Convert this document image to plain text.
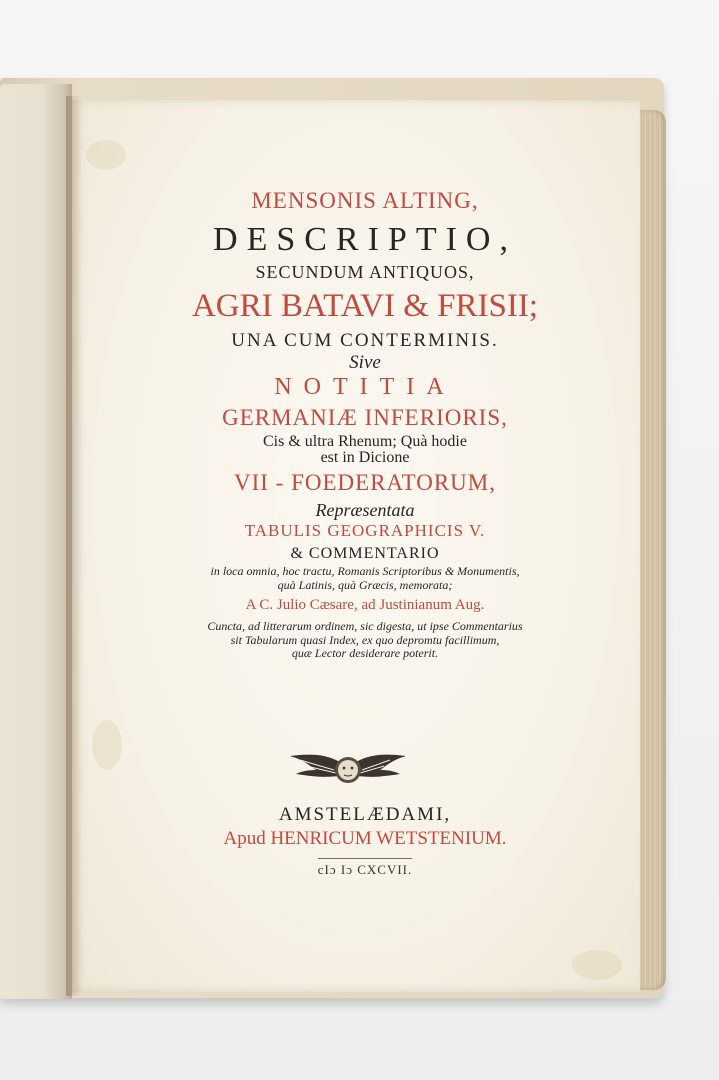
MENSONIS ALTING,
DESCRIPTIO,
SECUNDUM ANTIQUOS,
AGRI BATAVI & FRISII;
UNA CUM CONTERMINIS.
Sive
NOTITIA
GERMANIÆ INFERIORIS,
Cis & ultra Rhenum; Quà hodie
est in Dicione
VII - FOEDERATORUM,
Repræsentata
TABULIS GEOGRAPHICIS V.
& COMMENTARIO
in loca omnia, hoc tractu, Romanis Scriptoribus & Monumentis,
quà Latinis, quà Græcis, memorata;
A C. Julio Cæsare, ad Justinianum Aug.
Cuncta, ad litterarum ordinem, sic digesta, ut ipse Commentarius
sit Tabularum quasi Index, ex quo depromtu facillimum,
quæ Lector desiderare poterit.
AMSTELÆDAMI,
Apud HENRICUM WETSTENIUM.
cIɔ Iɔ CXCVII.
